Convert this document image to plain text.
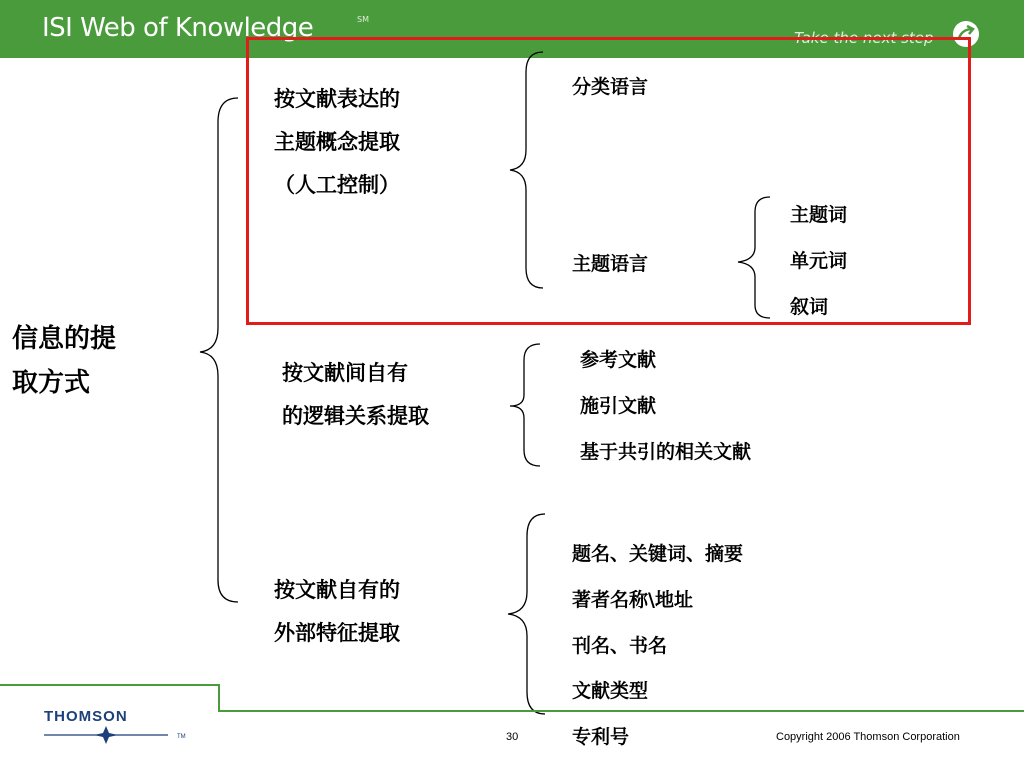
ISI Web of Knowledge	SM
Take the next step
信息的提
取方式
按文献表达的
主题概念提取
（人工控制）
分类语言
主题语言
主题词
单元词
叙词
按文献间自有
的逻辑关系提取
参考文献
施引文献
基于共引的相关文献
按文献自有的
外部特征提取
题名、关键词、摘要
著者名称\地址
刊名、书名
文献类型
专利号
THOMSON
TM	30	Copyright 2006 Thomson Corporation
